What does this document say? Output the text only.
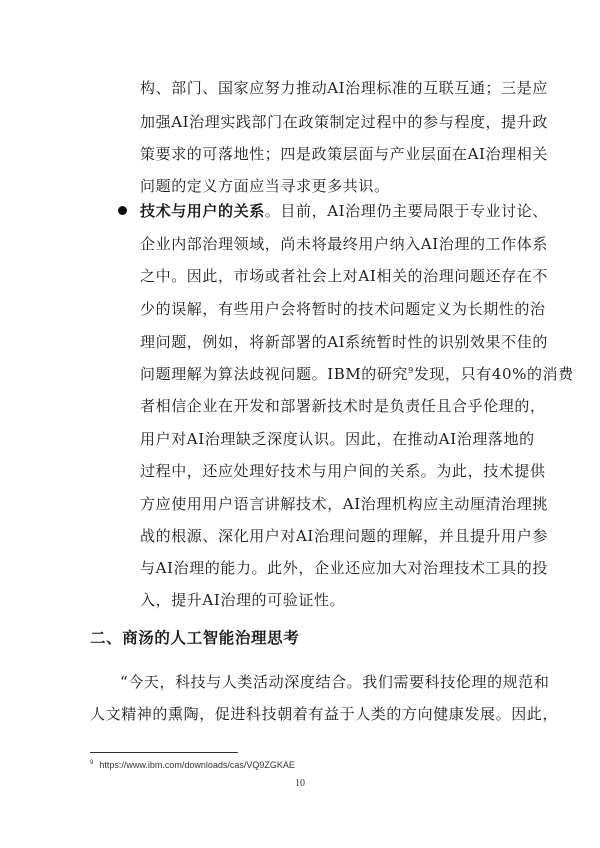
构、部门、国家应努力推动AI治理标准的互联互通；三是应
加强AI治理实践部门在政策制定过程中的参与程度，提升政
策要求的可落地性；四是政策层面与产业层面在AI治理相关
问题的定义方面应当寻求更多共识。
技术与用户的关系。目前，AI治理仍主要局限于专业讨论、
企业内部治理领域，尚未将最终用户纳入AI治理的工作体系
之中。因此，市场或者社会上对AI相关的治理问题还存在不
少的误解，有些用户会将暂时的技术问题定义为长期性的治
理问题，例如，将新部署的AI系统暂时性的识别效果不佳的
问题理解为算法歧视问题。IBM的研究$^9$发现，只有40%的消费
者相信企业在开发和部署新技术时是负责任且合乎伦理的，
用户对AI治理缺乏深度认识。因此，在推动AI治理落地的
过程中，还应处理好技术与用户间的关系。为此，技术提供
方应使用用户语言讲解技术，AI治理机构应主动厘清治理挑
战的根源、深化用户对AI治理问题的理解，并且提升用户参
与AI治理的能力。此外，企业还应加大对治理技术工具的投
入，提升AI治理的可验证性。
二、商汤的人工智能治理思考
“今天，科技与人类活动深度结合。我们需要科技伦理的规范和
人文精神的熏陶，促进科技朝着有益于人类的方向健康发展。因此，
$^9$ https://www.ibm.com/downloads/cas/VQ9ZGKAE
10
